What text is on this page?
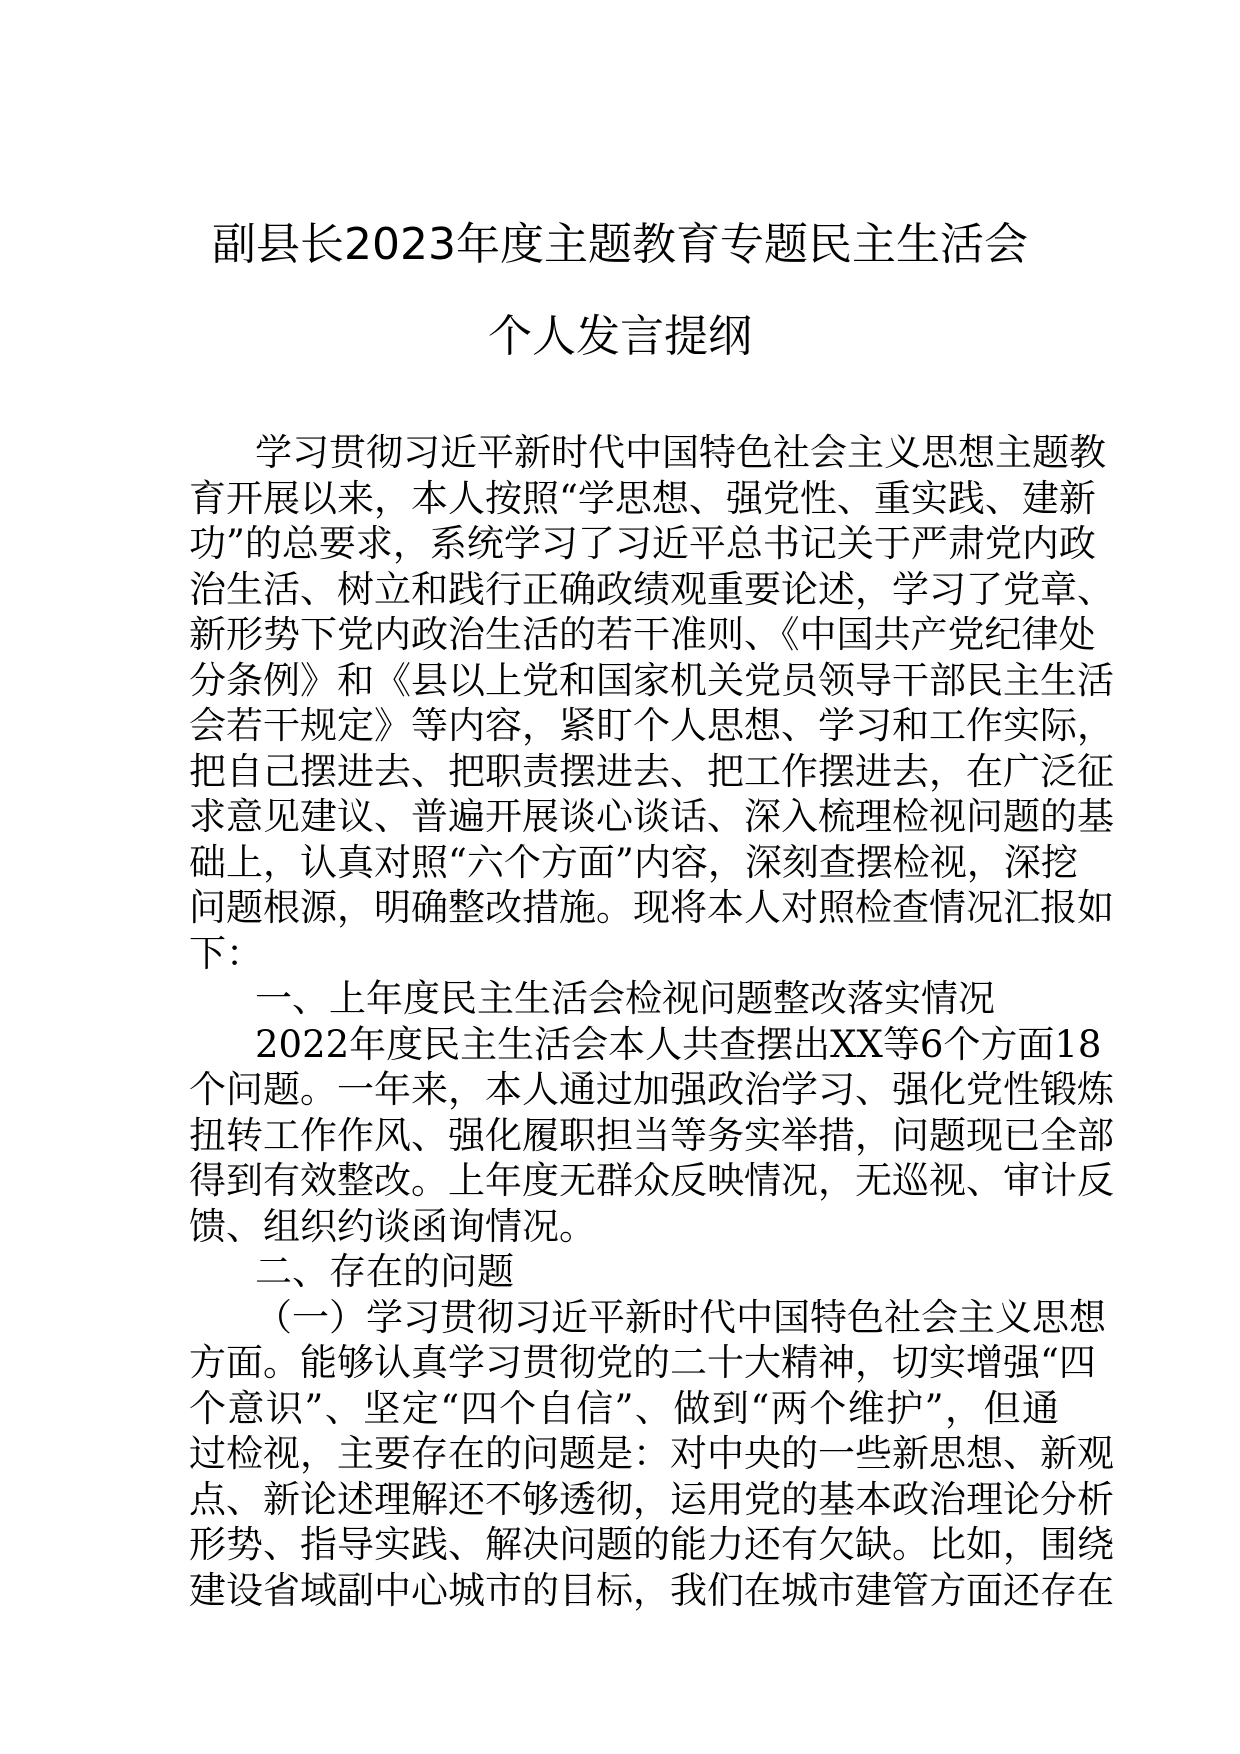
副县长2023年度主题教育专题民主生活会
个人发言提纲
学习贯彻习近平新时代中国特色社会主义思想主题教
育开展以来，本人按照“学思想、强党性、重实践、建新
功”的总要求，系统学习了习近平总书记关于严肃党内政
治生活、树立和践行正确政绩观重要论述，学习了党章、
新形势下党内政治生活的若干准则、《中国共产党纪律处
分条例》和《县以上党和国家机关党员领导干部民主生活
会若干规定》等内容，紧盯个人思想、学习和工作实际，
把自己摆进去、把职责摆进去、把工作摆进去，在广泛征
求意见建议、普遍开展谈心谈话、深入梳理检视问题的基
础上，认真对照“六个方面”内容，深刻查摆检视，深挖
问题根源，明确整改措施。现将本人对照检查情况汇报如
下：
一、上年度民主生活会检视问题整改落实情况
2022年度民主生活会本人共查摆出XX等6个方面18
个问题。一年来，本人通过加强政治学习、强化党性锻炼
扭转工作作风、强化履职担当等务实举措，问题现已全部
得到有效整改。上年度无群众反映情况，无巡视、审计反
馈、组织约谈函询情况。
二、存在的问题
（一）学习贯彻习近平新时代中国特色社会主义思想
方面。能够认真学习贯彻党的二十大精神，切实增强“四
个意识”、坚定“四个自信”、做到“两个维护”，但通
过检视，主要存在的问题是：对中央的一些新思想、新观
点、新论述理解还不够透彻，运用党的基本政治理论分析
形势、指导实践、解决问题的能力还有欠缺。比如，围绕
建设省域副中心城市的目标，我们在城市建管方面还存在
